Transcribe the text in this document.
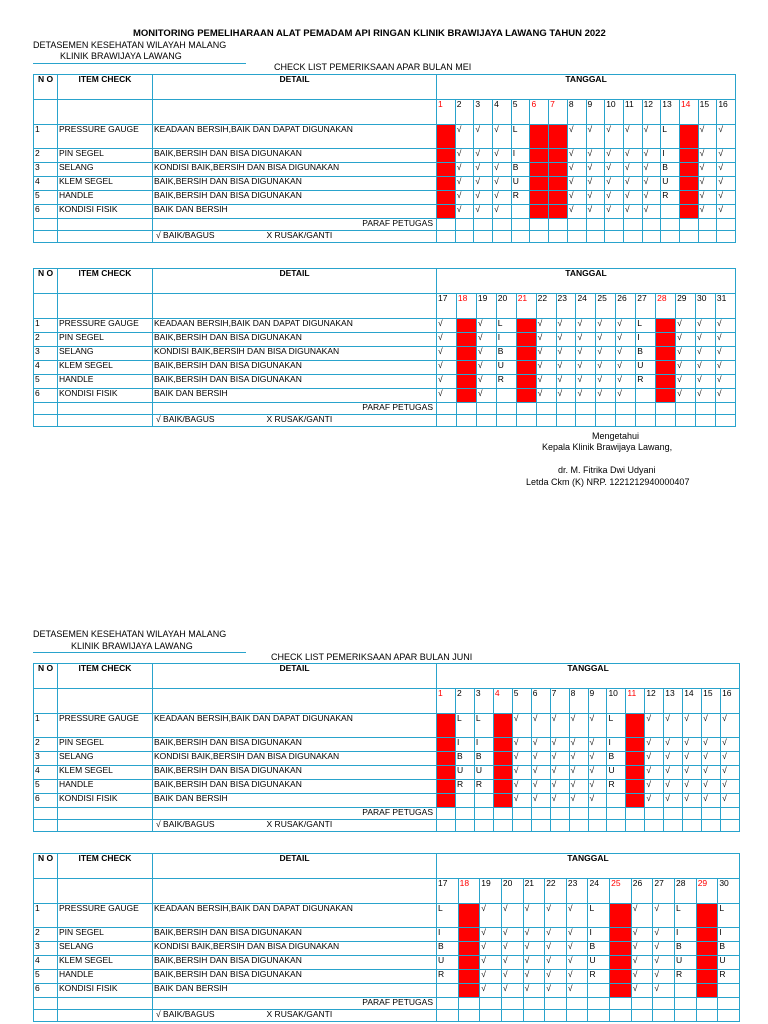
MONITORING PEMELIHARAAN ALAT PEMADAM API RINGAN KLINIK BRAWIJAYA LAWANG TAHUN 2022
DETASEMEN KESEHATAN WILAYAH MALANG
KLINIK BRAWIJAYA LAWANG
CHECK LIST PEMERIKSAAN APAR BULAN MEI
N O	ITEM CHECK	DETAIL	TANGGAL															
			1	2	3	4	5	6	7	8	9	10	11	12	13	14	15	16
1	PRESSURE GAUGE	KEADAAN BERSIH,BAIK DAN DAPAT DIGUNAKAN		√	√	√	L			√	√	√	√	√	L		√	√
2	PIN SEGEL	BAIK,BERSIH DAN BISA DIGUNAKAN		√	√	√	I			√	√	√	√	√	I		√	√
3	SELANG	KONDISI BAIK,BERSIH DAN BISA DIGUNAKAN		√	√	√	B			√	√	√	√	√	B		√	√
4	KLEM SEGEL	BAIK,BERSIH DAN BISA DIGUNAKAN		√	√	√	U			√	√	√	√	√	U		√	√
5	HANDLE	BAIK,BERSIH DAN BISA DIGUNAKAN		√	√	√	R			√	√	√	√	√	R		√	√
6	KONDISI FISIK	BAIK DAN BERSIH		√	√	√				√	√	√	√	√			√	√
		PARAF PETUGAS																
		√ BAIK/BAGUS X RUSAK/GANTI																
N O	ITEM CHECK	DETAIL	TANGGAL														
			17	18	19	20	21	22	23	24	25	26	27	28	29	30	31
1	PRESSURE GAUGE	KEADAAN BERSIH,BAIK DAN DAPAT DIGUNAKAN	√		√	L		√	√	√	√	√	L		√	√	√
2	PIN SEGEL	BAIK,BERSIH DAN BISA DIGUNAKAN	√		√	I		√	√	√	√	√	I		√	√	√
3	SELANG	KONDISI BAIK,BERSIH DAN BISA DIGUNAKAN	√		√	B		√	√	√	√	√	B		√	√	√
4	KLEM SEGEL	BAIK,BERSIH DAN BISA DIGUNAKAN	√		√	U		√	√	√	√	√	U		√	√	√
5	HANDLE	BAIK,BERSIH DAN BISA DIGUNAKAN	√		√	R		√	√	√	√	√	R		√	√	√
6	KONDISI FISIK	BAIK DAN BERSIH	√		√			√	√	√	√	√			√	√	√
		PARAF PETUGAS															
		√ BAIK/BAGUS X RUSAK/GANTI															
Mengetahui
Kepala Klinik Brawijaya Lawang,
dr. M. Fitrika Dwi Udyani
Letda Ckm (K) NRP. 1221212940000407
DETASEMEN KESEHATAN WILAYAH MALANG
KLINIK BRAWIJAYA LAWANG
CHECK LIST PEMERIKSAAN APAR BULAN JUNI
N O	ITEM CHECK	DETAIL	TANGGAL															
			1	2	3	4	5	6	7	8	9	10	11	12	13	14	15	16
1	PRESSURE GAUGE	KEADAAN BERSIH,BAIK DAN DAPAT DIGUNAKAN		L	L		√	√	√	√	√	L		√	√	√	√	√
2	PIN SEGEL	BAIK,BERSIH DAN BISA DIGUNAKAN		I	I		√	√	√	√	√	I		√	√	√	√	√
3	SELANG	KONDISI BAIK,BERSIH DAN BISA DIGUNAKAN		B	B		√	√	√	√	√	B		√	√	√	√	√
4	KLEM SEGEL	BAIK,BERSIH DAN BISA DIGUNAKAN		U	U		√	√	√	√	√	U		√	√	√	√	√
5	HANDLE	BAIK,BERSIH DAN BISA DIGUNAKAN		R	R		√	√	√	√	√	R		√	√	√	√	√
6	KONDISI FISIK	BAIK DAN BERSIH					√	√	√	√	√			√	√	√	√	√
		PARAF PETUGAS																
		√ BAIK/BAGUS X RUSAK/GANTI																
N O	ITEM CHECK	DETAIL	TANGGAL													
			17	18	19	20	21	22	23	24	25	26	27	28	29	30
1	PRESSURE GAUGE	KEADAAN BERSIH,BAIK DAN DAPAT DIGUNAKAN	L		√	√	√	√	√	L		√	√	L		L
2	PIN SEGEL	BAIK,BERSIH DAN BISA DIGUNAKAN	I		√	√	√	√	√	I		√	√	I		I
3	SELANG	KONDISI BAIK,BERSIH DAN BISA DIGUNAKAN	B		√	√	√	√	√	B		√	√	B		B
4	KLEM SEGEL	BAIK,BERSIH DAN BISA DIGUNAKAN	U		√	√	√	√	√	U		√	√	U		U
5	HANDLE	BAIK,BERSIH DAN BISA DIGUNAKAN	R		√	√	√	√	√	R		√	√	R		R
6	KONDISI FISIK	BAIK DAN BERSIH			√	√	√	√	√			√	√			
		PARAF PETUGAS														
		√ BAIK/BAGUS X RUSAK/GANTI														
